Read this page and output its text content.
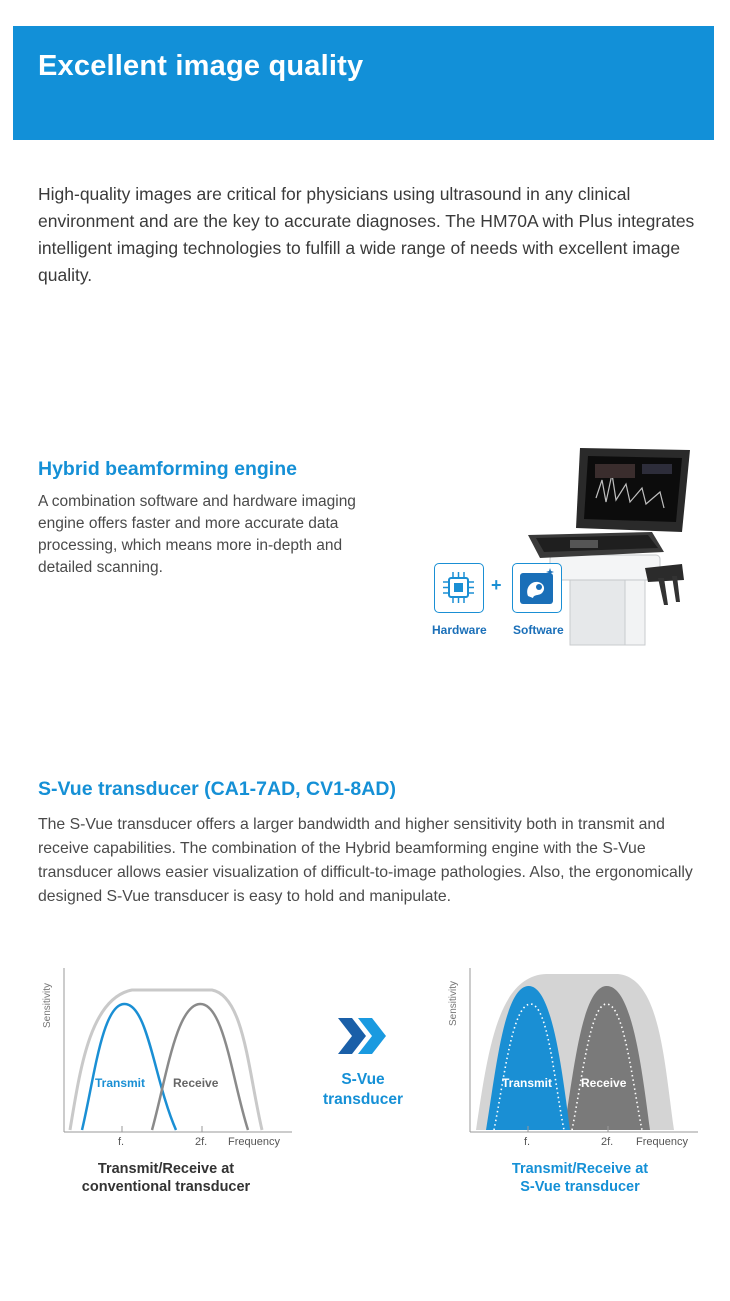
Excellent image quality

High-quality images are critical for physicians using ultrasound in any clinical environment and are the key to accurate diagnoses. The HM70A with Plus integrates intelligent imaging technologies to fulfill a wide range of needs with excellent image quality.

Hybrid beamforming engine

A combination software and hardware imaging engine offers faster and more accurate data processing, which means more in-depth and detailed scanning.

+
Hardware Software
S-Vue transducer (CA1-7AD, CV1-8AD)

The S-Vue transducer offers a larger bandwidth and higher sensitivity both in transmit and receive capabilities. The combination of the Hybrid beamforming engine with the S-Vue transducer allows easier visualization of difficult-to-image pathologies. Also, the ergonomically designed S-Vue transducer is easy to hold and manipulate.

Sensitivity
Transmit Receive
f.	2f. Frequency

Transmit/Receive at
conventional transducer

S-Vue
transducer

Sensitivity
Transmit Receive
f.	2f. Frequency

Transmit/Receive at
S-Vue transducer
